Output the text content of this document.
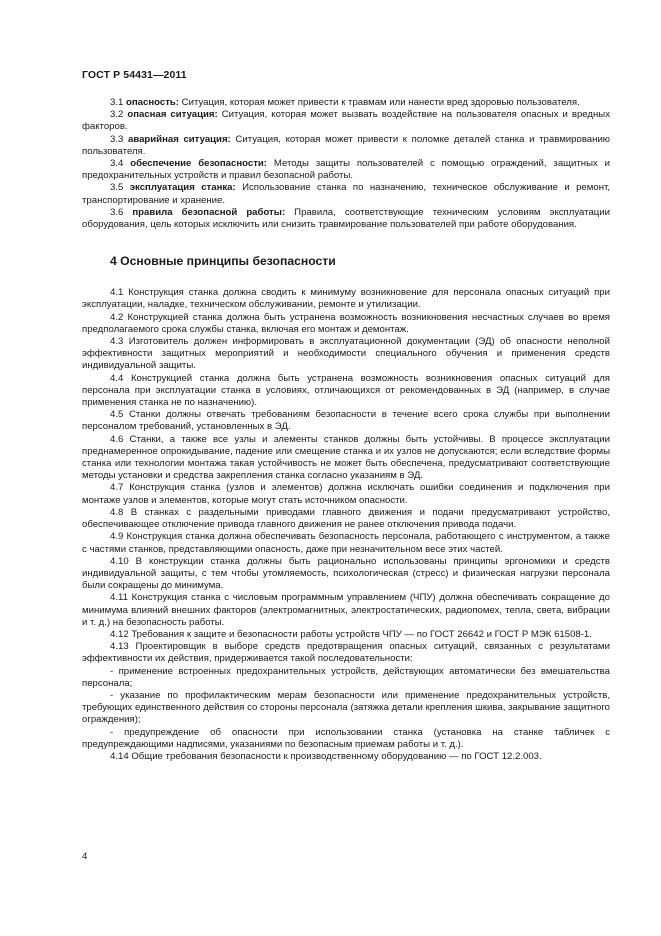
ГОСТ Р 54431—2011

3.1 опасность: Ситуация, которая может привести к травмам или нанести вред здоровью пользователя.

3.2 опасная ситуация: Ситуация, которая может вызвать воздействие на пользователя опасных и вредных факторов.

3.3 аварийная ситуация: Ситуация, которая может привести к поломке деталей станка и травмированию пользователя.

3.4 обеспечение безопасности: Методы защиты пользователей с помощью ограждений, защитных и предохранительных устройств и правил безопасной работы.

3.5 эксплуатация станка: Использование станка по назначению, техническое обслуживание и ремонт, транспортирование и хранение.

3.6 правила безопасной работы: Правила, соответствующие техническим условиям эксплуатации оборудования, цель которых исключить или снизить травмирование пользователей при работе оборудования.

4 Основные принципы безопасности

4.1 Конструкция станка должна сводить к минимуму возникновение для персонала опасных ситуаций при эксплуатации, наладке, техническом обслуживании, ремонте и утилизации.

4.2 Конструкцией станка должна быть устранена возможность возникновения несчастных случаев во время предполагаемого срока службы станка, включая его монтаж и демонтаж.

4.3 Изготовитель должен информировать в эксплуатационной документации (ЭД) об опасности неполной эффективности защитных мероприятий и необходимости специального обучения и применения средств индивидуальной защиты.

4.4 Конструкцией станка должна быть устранена возможность возникновения опасных ситуаций для персонала при эксплуатации станка в условиях, отличающихся от рекомендованных в ЭД (например, в случае применения станка не по назначению).

4.5 Станки должны отвечать требованиям безопасности в течение всего срока службы при выполнении персоналом требований, установленных в ЭД.

4.6 Станки, а также все узлы и элементы станков должны быть устойчивы. В процессе эксплуатации преднамеренное опрокидывание, падение или смещение станка и их узлов не допускаются; если вследствие формы станка или технологии монтажа такая устойчивость не может быть обеспечена, предусматривают соответствующие методы установки и средства закрепления станка согласно указаниям в ЭД.

4.7 Конструкция станка (узлов и элементов) должна исключать ошибки соединения и подключения при монтаже узлов и элементов, которые могут стать источником опасности.

4.8 В станках с раздельными приводами главного движения и подачи предусматривают устройство, обеспечивающее отключение привода главного движения не ранее отключения привода подачи.

4.9 Конструкция станка должна обеспечивать безопасность персонала, работающего с инструментом, а также с частями станков, представляющими опасность, даже при незначительном весе этих частей.

4.10 В конструкции станка должны быть рационально использованы принципы эргономики и средств индивидуальной защиты, с тем чтобы утомляемость, психологическая (стресс) и физическая нагрузки персонала были сокращены до минимума.

4.11 Конструкция станка с числовым программным управлением (ЧПУ) должна обеспечивать сокращение до минимума влияний внешних факторов (электромагнитных, электростатических, радиопомех, тепла, света, вибрации и т. д.) на безопасность работы.

4.12 Требования к защите и безопасности работы устройств ЧПУ — по ГОСТ 26642 и ГОСТ Р МЭК 61508-1.

4.13 Проектировщик в выборе средств предотвращения опасных ситуаций, связанных с результатами эффективности их действия, придерживается такой последовательности:

- применение встроенных предохранительных устройств, действующих автоматически без вмешательства персонала;

- указание по профилактическим мерам безопасности или применение предохранительных устройств, требующих единственного действия со стороны персонала (затяжка детали крепления шкива, закрывание защитного ограждения);

- предупреждение об опасности при использовании станка (установка на станке табличек с предупреждающими надписями, указаниями по безопасным приемам работы и т. д.).

4.14 Общие требования безопасности к производственному оборудованию — по ГОСТ 12.2.003.

4
